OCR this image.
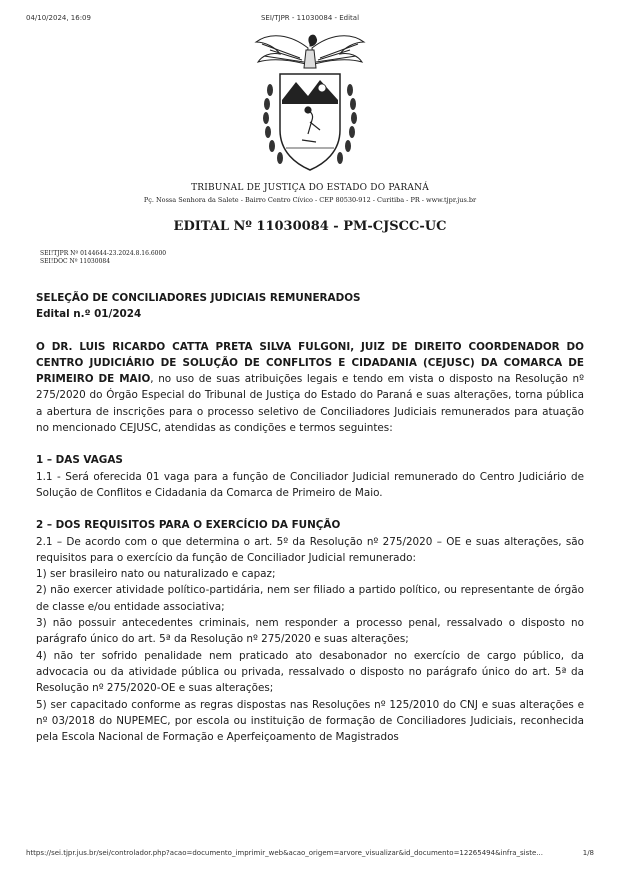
04/10/2024, 16:09	SEI/TJPR - 11030084 - Edital
TRIBUNAL DE JUSTIÇA DO ESTADO DO PARANÁ
Pç. Nossa Senhora da Salete - Bairro Centro Cívico - CEP 80530-912 - Curitiba - PR - www.tjpr.jus.br
EDITAL Nº 11030084 - PM-CJSCC-UC
SEI!TJPR Nº 0144644-23.2024.8.16.6000
SEI!DOC Nº 11030084

SELEÇÃO DE CONCILIADORES JUDICIAIS REMUNERADOS

Edital n.º 01/2024

O DR. LUIS RICARDO CATTA PRETA SILVA FULGONI, JUIZ DE DIREITO COORDENADOR DO CENTRO JUDICIÁRIO DE SOLUÇÃO DE CONFLITOS E CIDADANIA (CEJUSC) DA COMARCA DE PRIMEIRO DE MAIO, no uso de suas atribuições legais e tendo em vista o disposto na Resolução nº 275/2020 do Órgão Especial do Tribunal de Justiça do Estado do Paraná e suas alterações, torna pública a abertura de inscrições para o processo seletivo de Conciliadores Judiciais remunerados para atuação no mencionado CEJUSC, atendidas as condições e termos seguintes:

1 – DAS VAGAS

1.1 - Será oferecida 01 vaga para a função de Conciliador Judicial remunerado do Centro Judiciário de Solução de Conflitos e Cidadania da Comarca de Primeiro de Maio.

2 – DOS REQUISITOS PARA O EXERCÍCIO DA FUNÇÃO

2.1 – De acordo com o que determina o art. 5º da Resolução nº 275/2020 – OE e suas alterações, são requisitos para o exercício da função de Conciliador Judicial remunerado:

1) ser brasileiro nato ou naturalizado e capaz;

2) não exercer atividade político-partidária, nem ser filiado a partido político, ou representante de órgão de classe e/ou entidade associativa;

3) não possuir antecedentes criminais, nem responder a processo penal, ressalvado o disposto no parágrafo único do art. 5ª da Resolução nº 275/2020 e suas alterações;

4) não ter sofrido penalidade nem praticado ato desabonador no exercício de cargo público, da advocacia ou da atividade pública ou privada, ressalvado o disposto no parágrafo único do art. 5ª da Resolução nº 275/2020-OE e suas alterações;

5) ser capacitado conforme as regras dispostas nas Resoluções nº 125/2010 do CNJ e suas alterações e nº 03/2018 do NUPEMEC, por escola ou instituição de formação de Conciliadores Judiciais, reconhecida pela Escola Nacional de Formação e Aperfeiçoamento de Magistrados

https://sei.tjpr.jus.br/sei/controlador.php?acao=documento_imprimir_web&acao_origem=arvore_visualizar&id_documento=12265494&infra_siste...	1/8
